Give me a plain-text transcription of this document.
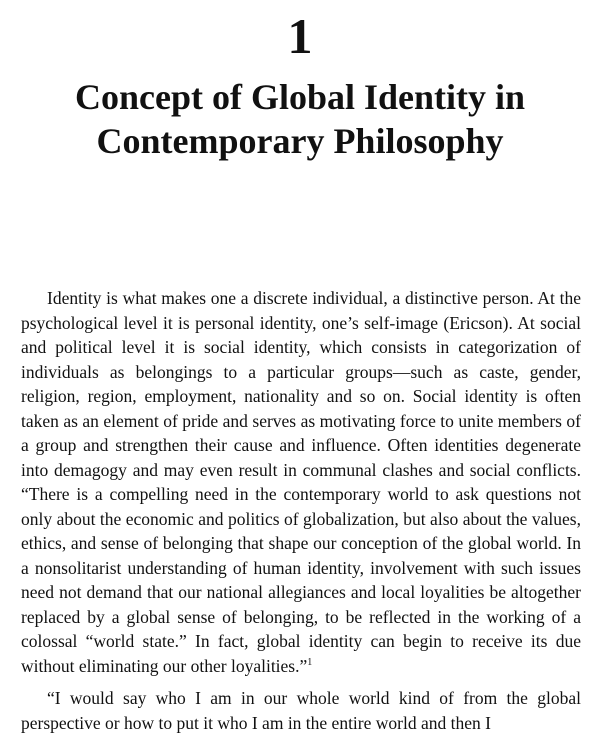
1
Concept of Global Identity in
Contemporary Philosophy

Identity is what makes one a discrete individual, a distinctive person. At the psychological level it is personal identity, one’s self-image (Ericson). At social and political level it is social identity, which consists in categorization of individuals as belongings to a particular groups—such as caste, gender, religion, region, employment, nationality and so on. Social identity is often taken as an element of pride and serves as motivating force to unite members of a group and strengthen their cause and influence. Often identities degenerate into demagogy and may even result in communal clashes and social conflicts. “There is a compelling need in the contemporary world to ask questions not only about the economic and politics of globalization, but also about the values, ethics, and sense of belonging that shape our conception of the global world. In a nonsolitarist understanding of human identity, involvement with such issues need not demand that our national allegiances and local loyalities be altogether replaced by a global sense of belonging, to be reflected in the working of a colossal “world state.” In fact, global identity can begin to receive its due without eliminating our other loyalities.”$^1$

“I would say who I am in our whole world kind of from the global perspective or how to put it who I am in the entire world and then I
